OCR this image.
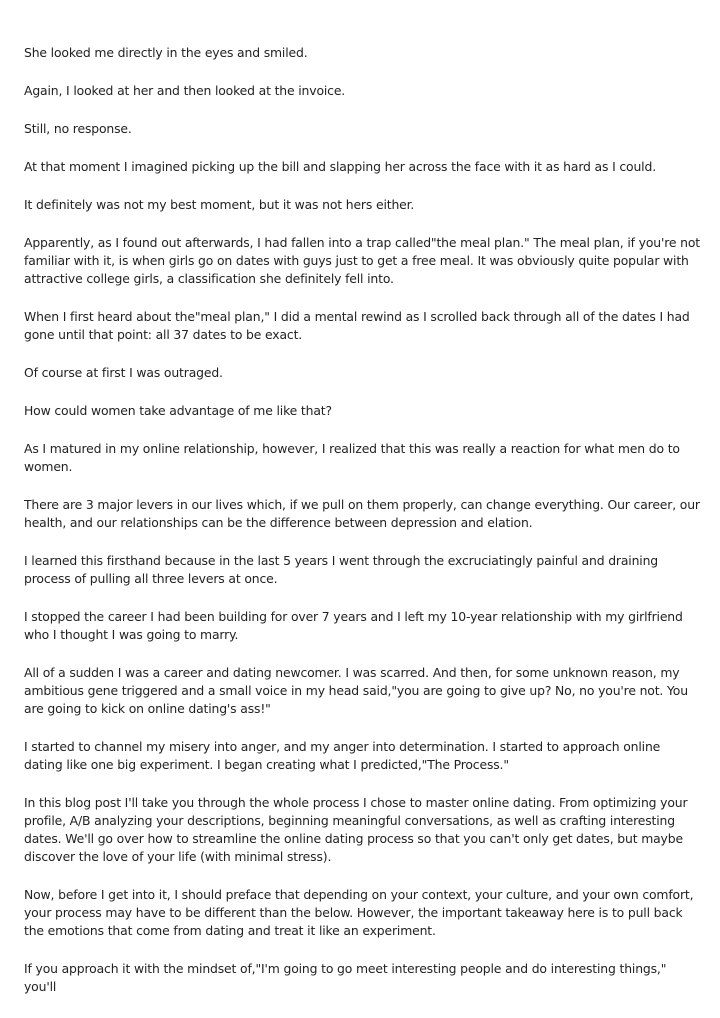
She looked me directly in the eyes and smiled.

Again, I looked at her and then looked at the invoice.

Still, no response.

At that moment I imagined picking up the bill and slapping her across the face with it as hard as I could.

It definitely was not my best moment, but it was not hers either.

Apparently, as I found out afterwards, I had fallen into a trap called"the meal plan." The meal plan, if you're not familiar with it, is when girls go on dates with guys just to get a free meal. It was obviously quite popular with attractive college girls, a classification she definitely fell into.

When I first heard about the"meal plan," I did a mental rewind as I scrolled back through all of the dates I had gone until that point: all 37 dates to be exact.

Of course at first I was outraged.

How could women take advantage of me like that?

As I matured in my online relationship, however, I realized that this was really a reaction for what men do to women.

There are 3 major levers in our lives which, if we pull on them properly, can change everything. Our career, our health, and our relationships can be the difference between depression and elation.

I learned this firsthand because in the last 5 years I went through the excruciatingly painful and draining process of pulling all three levers at once.

I stopped the career I had been building for over 7 years and I left my 10-year relationship with my girlfriend who I thought I was going to marry.

All of a sudden I was a career and dating newcomer. I was scarred. And then, for some unknown reason, my ambitious gene triggered and a small voice in my head said,"you are going to give up? No, no you're not. You are going to kick on online dating's ass!"

I started to channel my misery into anger, and my anger into determination. I started to approach online dating like one big experiment. I began creating what I predicted,"The Process."

In this blog post I'll take you through the whole process I chose to master online dating. From optimizing your profile, A/B analyzing your descriptions, beginning meaningful conversations, as well as crafting interesting dates. We'll go over how to streamline the online dating process so that you can't only get dates, but maybe discover the love of your life (with minimal stress).

Now, before I get into it, I should preface that depending on your context, your culture, and your own comfort, your process may have to be different than the below. However, the important takeaway here is to pull back the emotions that come from dating and treat it like an experiment.

If you approach it with the mindset of,"I'm going to go meet interesting people and do interesting things," you'll
